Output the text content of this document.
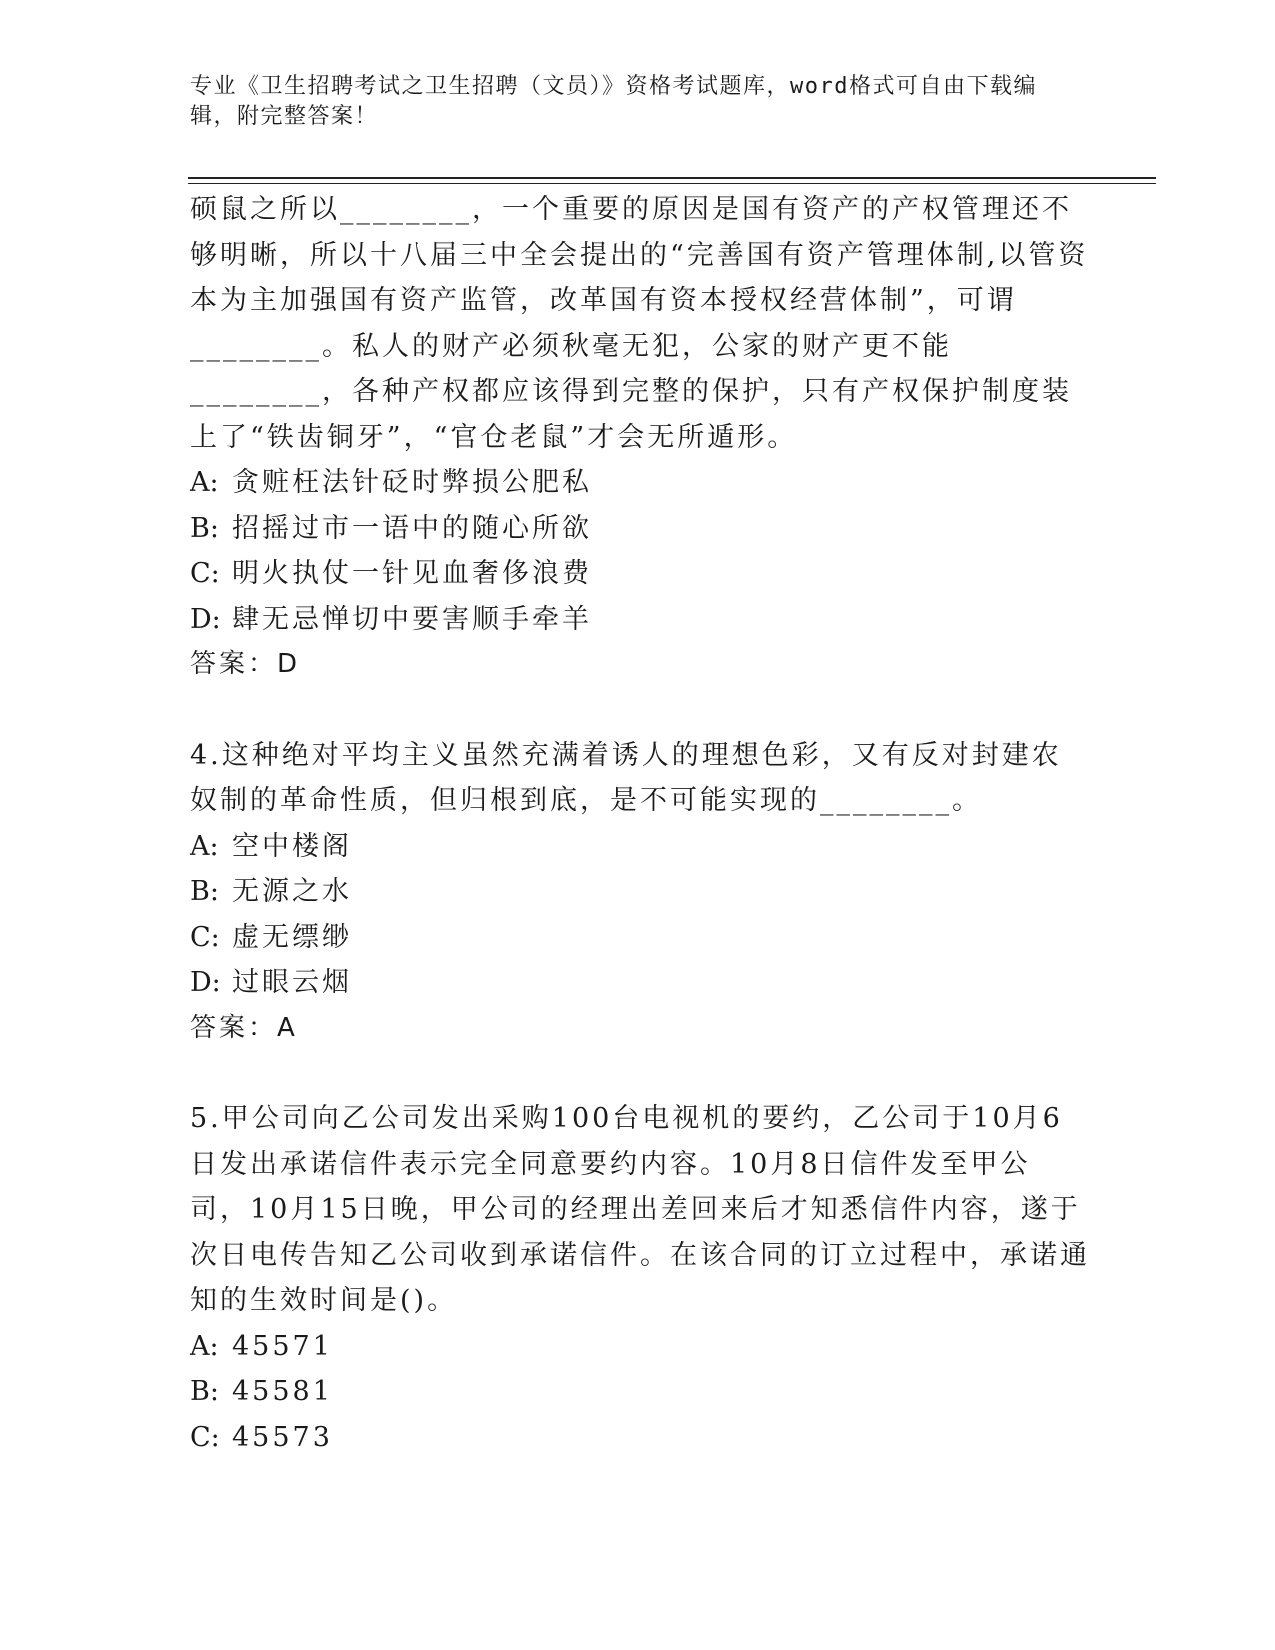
专业《卫生招聘考试之卫生招聘（文员）》资格考试题库，word格式可自由下载编辑，附完整答案！

硕鼠之所以________，一个重要的原因是国有资产的产权管理还不够明晰，所以十八届三中全会提出的“完善国有资产管理体制,以管资本为主加强国有资产监管，改革国有资本授权经营体制”，可谓________。私人的财产必须秋毫无犯，公家的财产更不能________，各种产权都应该得到完整的保护，只有产权保护制度装上了“铁齿铜牙”，“官仓老鼠”才会无所遁形。

A: 贪赃枉法针砭时弊损公肥私

B: 招摇过市一语中的随心所欲

C: 明火执仗一针见血奢侈浪费

D: 肆无忌惮切中要害顺手牵羊

答案：D

4.这种绝对平均主义虽然充满着诱人的理想色彩，又有反对封建农奴制的革命性质，但归根到底，是不可能实现的________。

A: 空中楼阁

B: 无源之水

C: 虚无缥缈

D: 过眼云烟

答案：A

5.甲公司向乙公司发出采购100台电视机的要约，乙公司于10月6日发出承诺信件表示完全同意要约内容。10月8日信件发至甲公司，10月15日晚，甲公司的经理出差回来后才知悉信件内容，遂于次日电传告知乙公司收到承诺信件。在该合同的订立过程中，承诺通知的生效时间是()。

A: 45571

B: 45581

C: 45573
